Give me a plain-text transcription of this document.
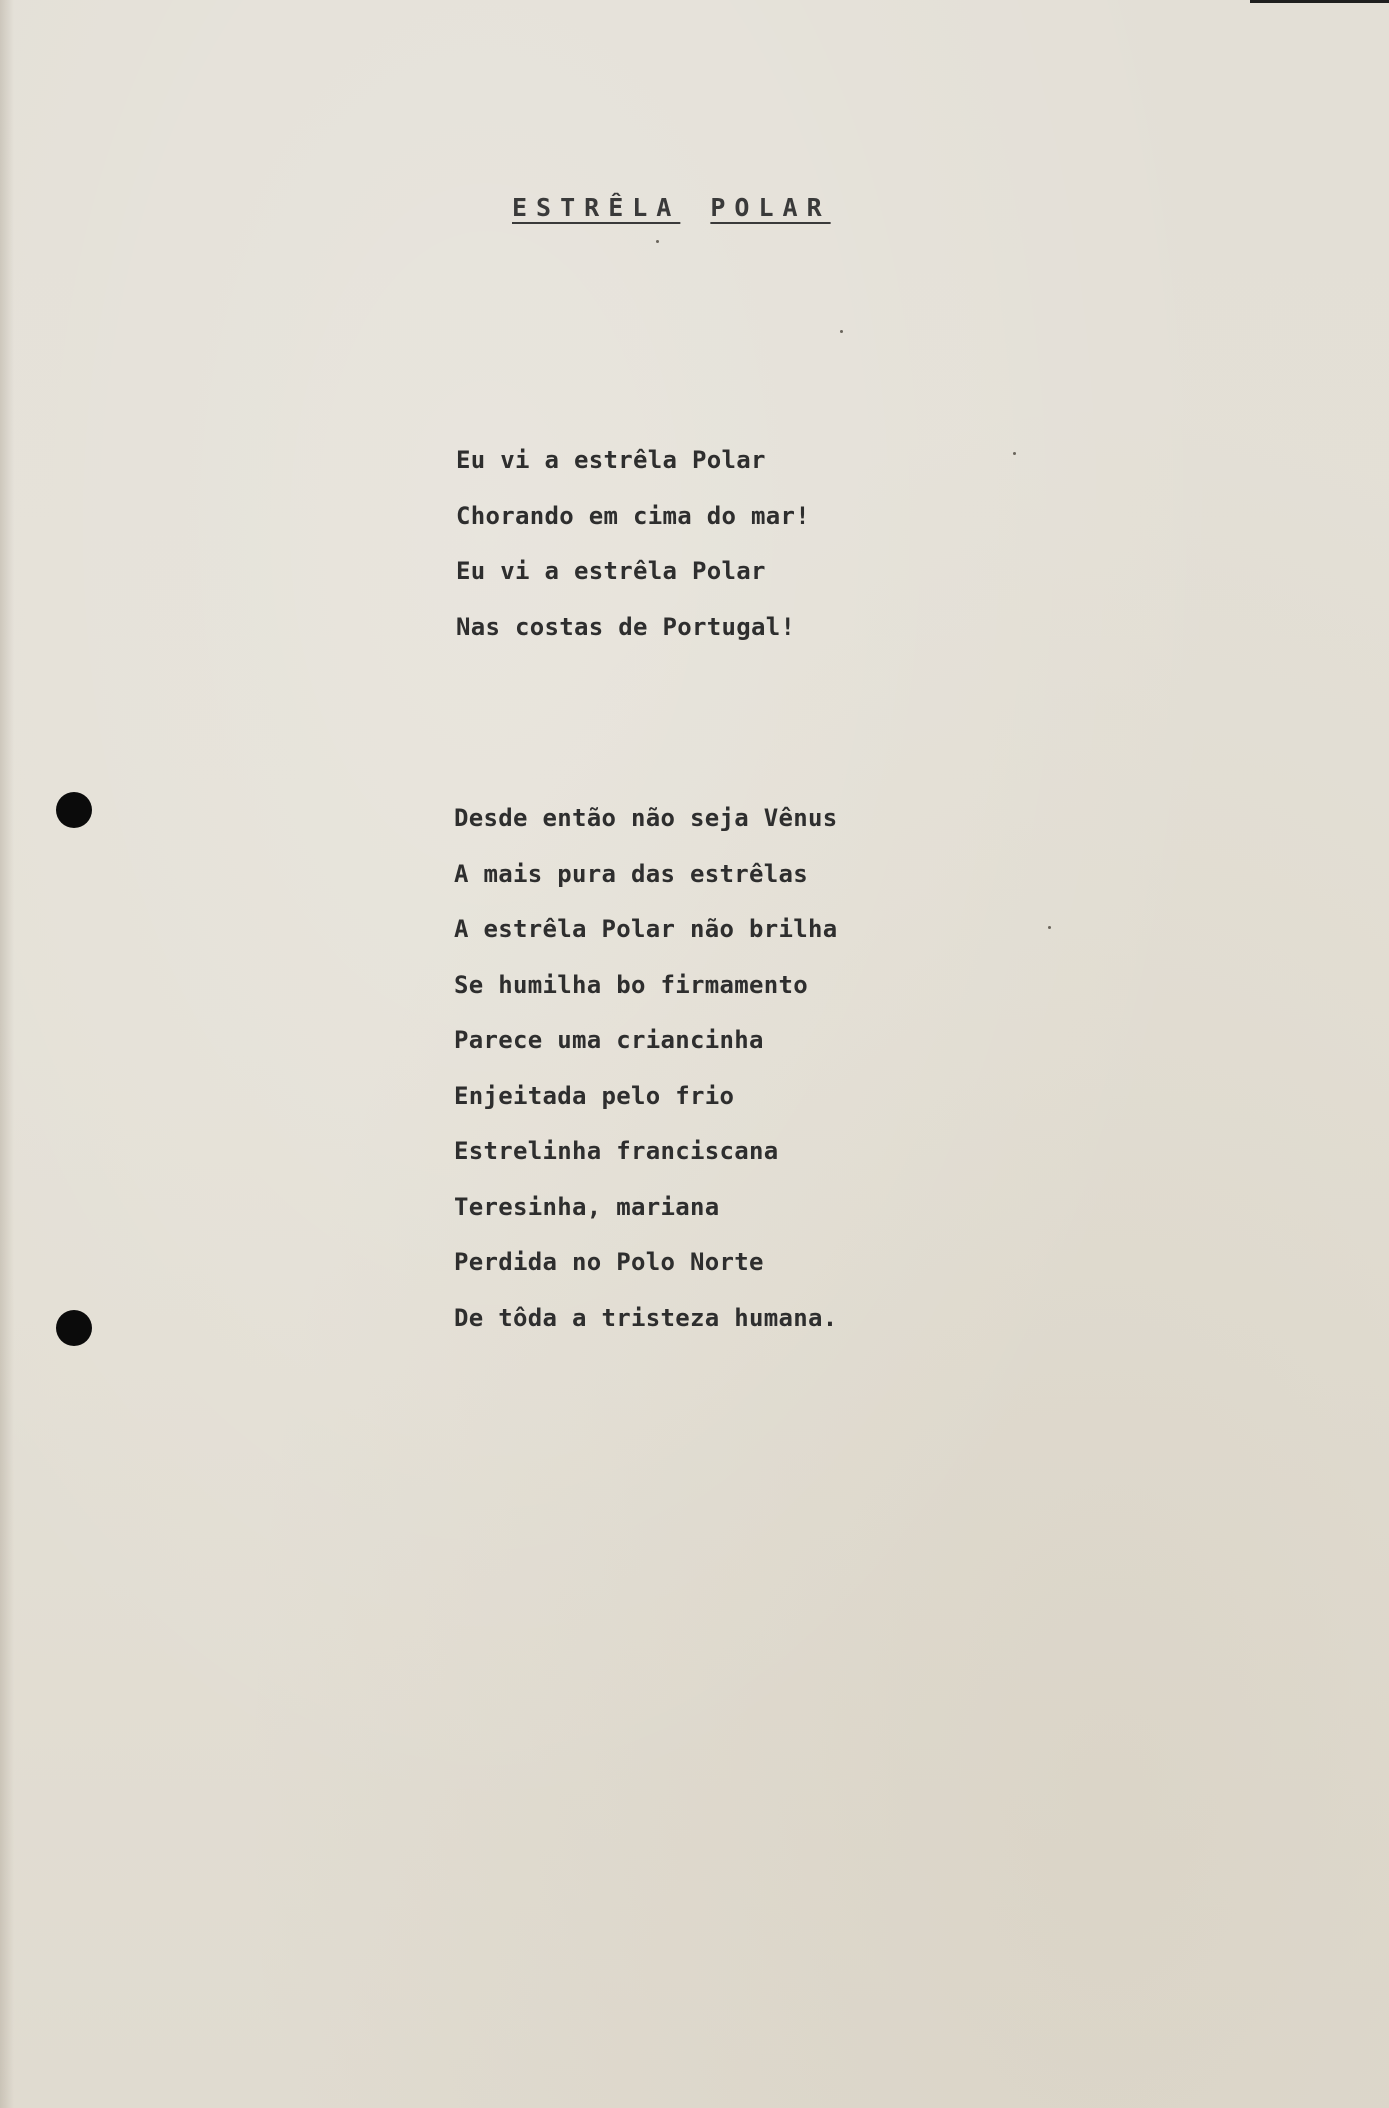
ESTRÊLA POLAR
Eu vi a estrêla Polar
Chorando em cima do mar!
Eu vi a estrêla Polar
Nas costas de Portugal!
Desde então não seja Vênus
A mais pura das estrêlas
A estrêla Polar não brilha
Se humilha bo firmamento
Parece uma criancinha
Enjeitada pelo frio
Estrelinha franciscana
Teresinha, mariana
Perdida no Polo Norte
De tôda a tristeza humana.
